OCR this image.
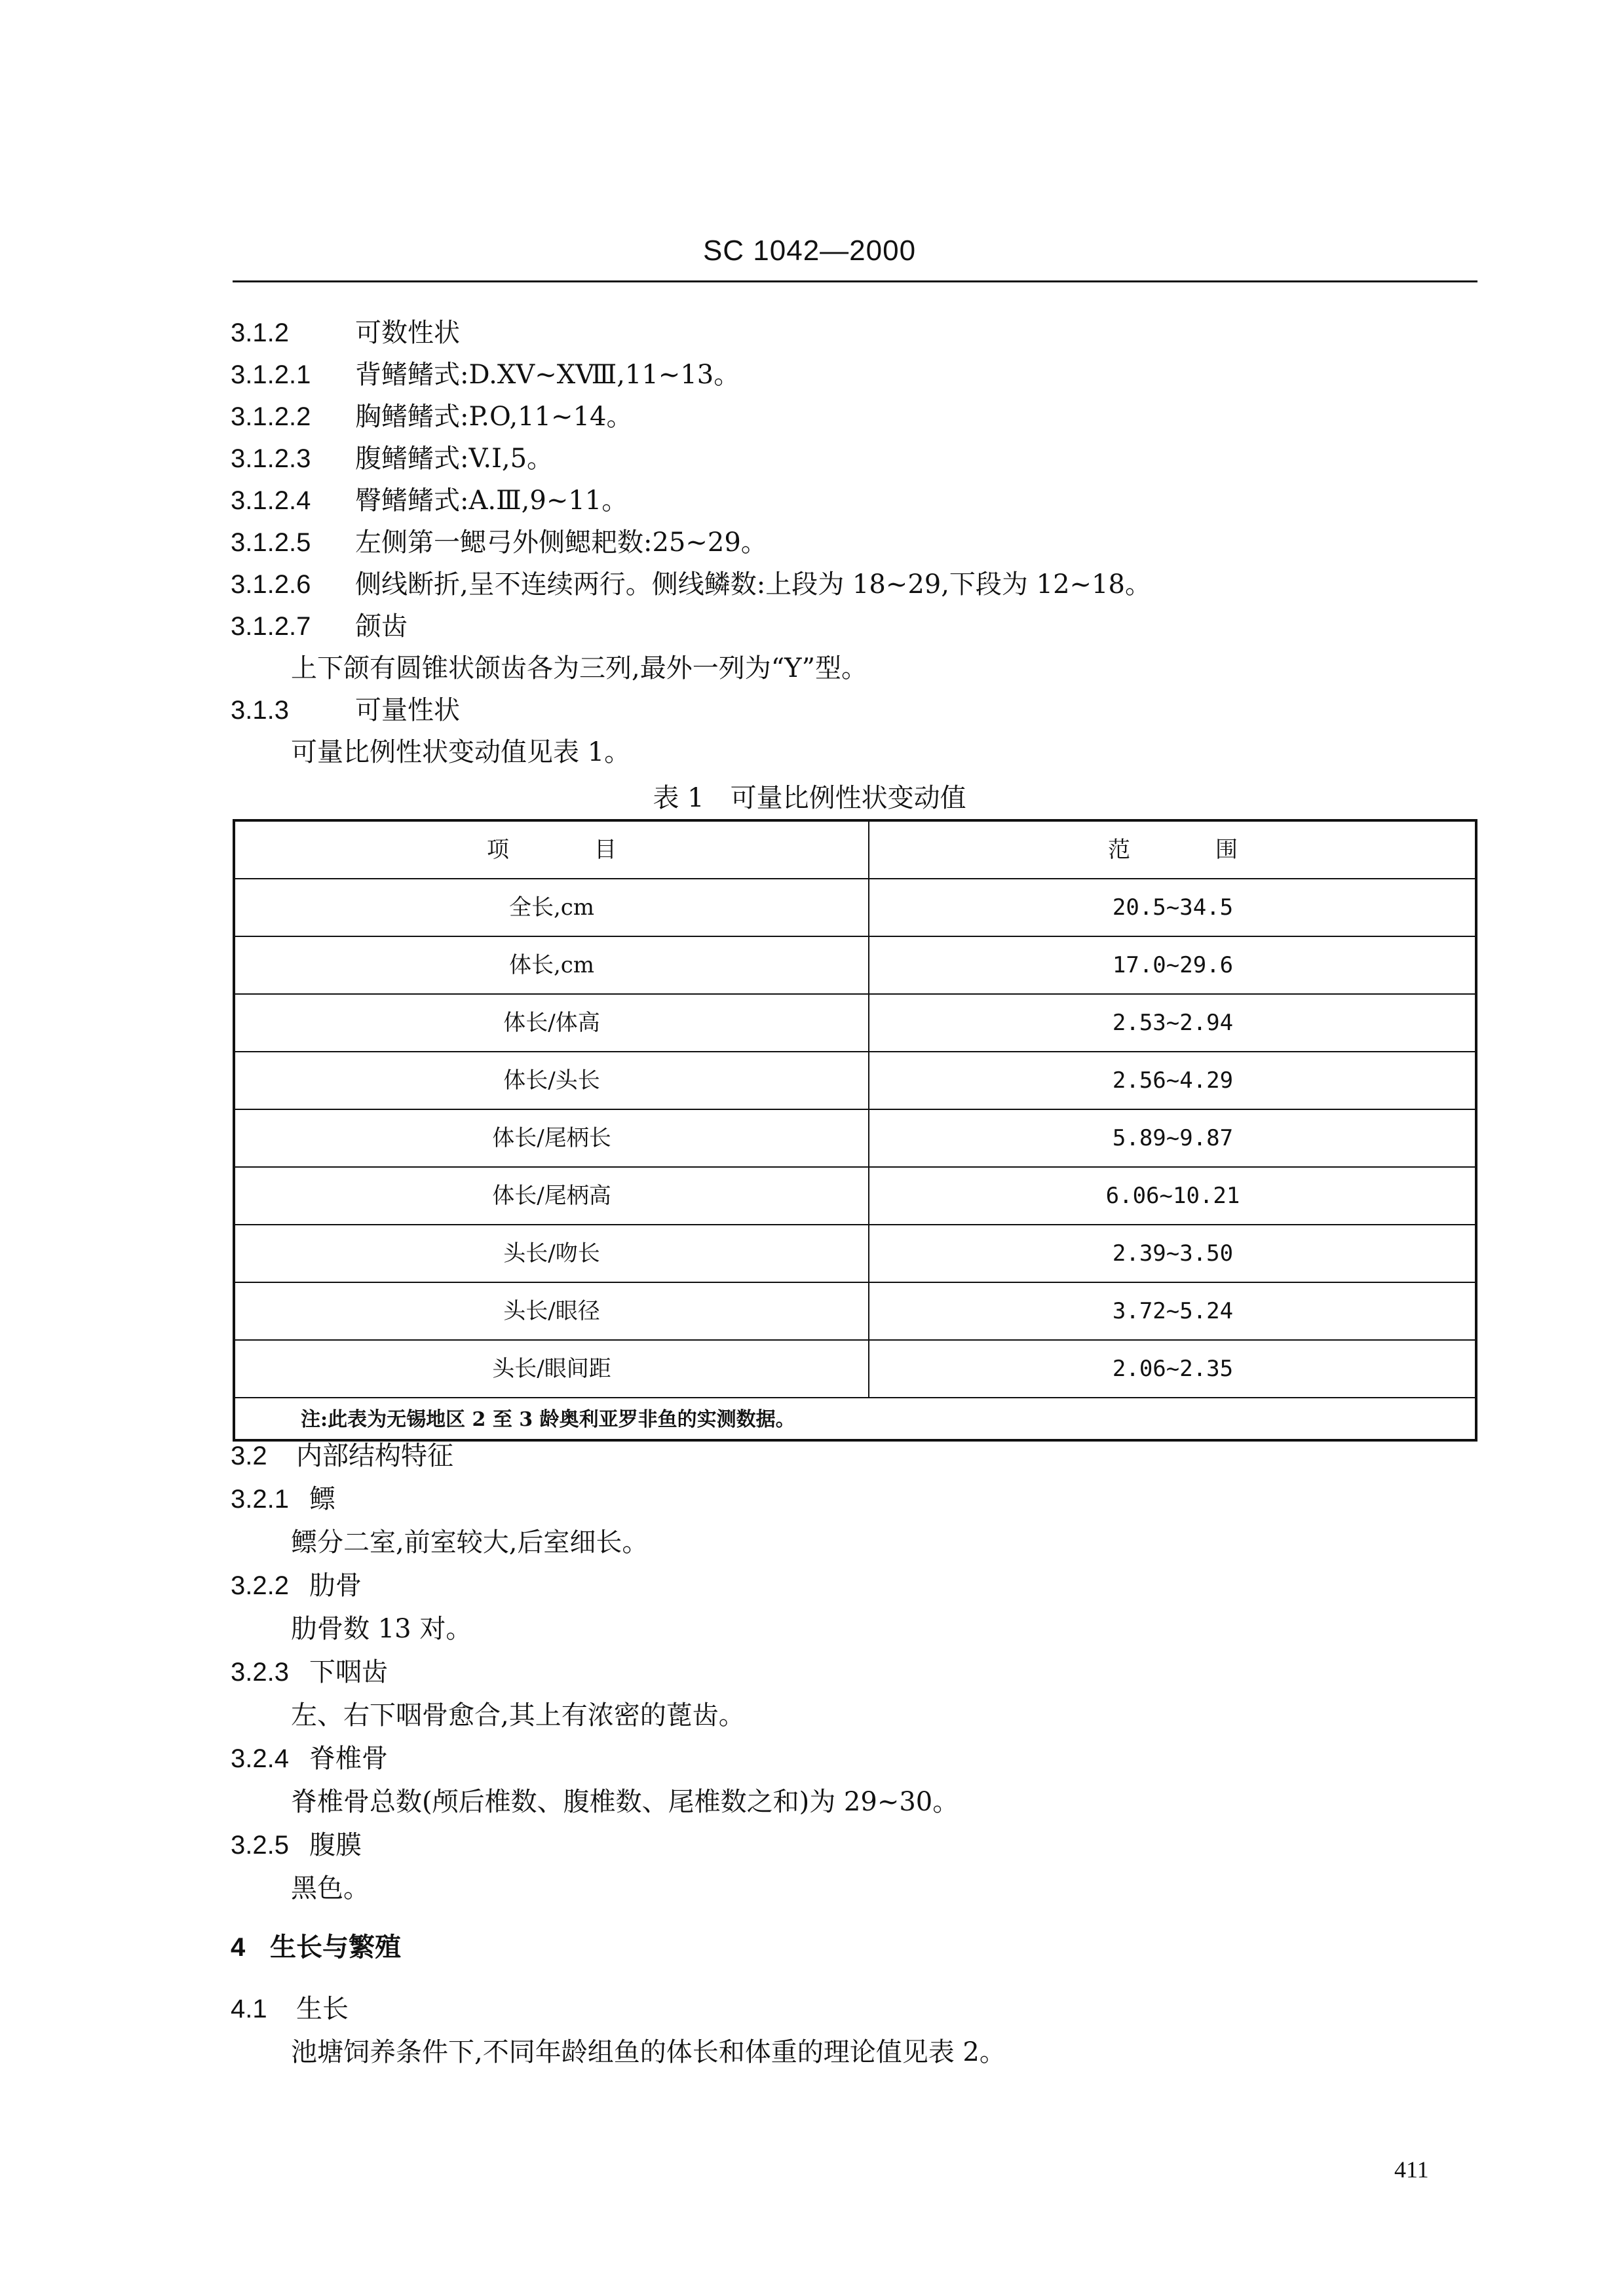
SC 1042—2000
3.1.2	可数性状
3.1.2.1 背鳍鳍式:D.ⅩⅤ~ⅩⅧ,11~13。
3.1.2.2 胸鳍鳍式:P.O,11~14。
3.1.2.3 腹鳍鳍式:V.I,5。
3.1.2.4 臀鳍鳍式:A.Ⅲ,9~11。
3.1.2.5 左侧第一鳃弓外侧鳃耙数:25~29。
3.1.2.6 侧线断折,呈不连续两行。侧线鳞数:上段为 18~29,下段为 12~18。
3.1.2.7 颌齿
上下颌有圆锥状颌齿各为三列,最外一列为“Y”型。
3.1.3	可量性状
可量比例性状变动值见表 1。
表 1 可量比例性状变动值
项目	范围
全长,cm	20.5~34.5
体长,cm	17.0~29.6
体长/体高	2.53~2.94
体长/头长	2.56~4.29
体长/尾柄长	5.89~9.87
体长/尾柄高	6.06~10.21
头长/吻长	2.39~3.50
头长/眼径	3.72~5.24
头长/眼间距	2.06~2.35
注:此表为无锡地区 2 至 3 龄奥利亚罗非鱼的实测数据。
3.2 内部结构特征
3.2.1 鳔
鳔分二室,前室较大,后室细长。
3.2.2 肋骨
肋骨数 13 对。
3.2.3 下咽齿
左、右下咽骨愈合,其上有浓密的蓖齿。
3.2.4 脊椎骨
脊椎骨总数(颅后椎数、腹椎数、尾椎数之和)为 29~30。
3.2.5 腹膜
黑色。
4 生长与繁殖
4.1 生长
池塘饲养条件下,不同年龄组鱼的体长和体重的理论值见表 2。
411
